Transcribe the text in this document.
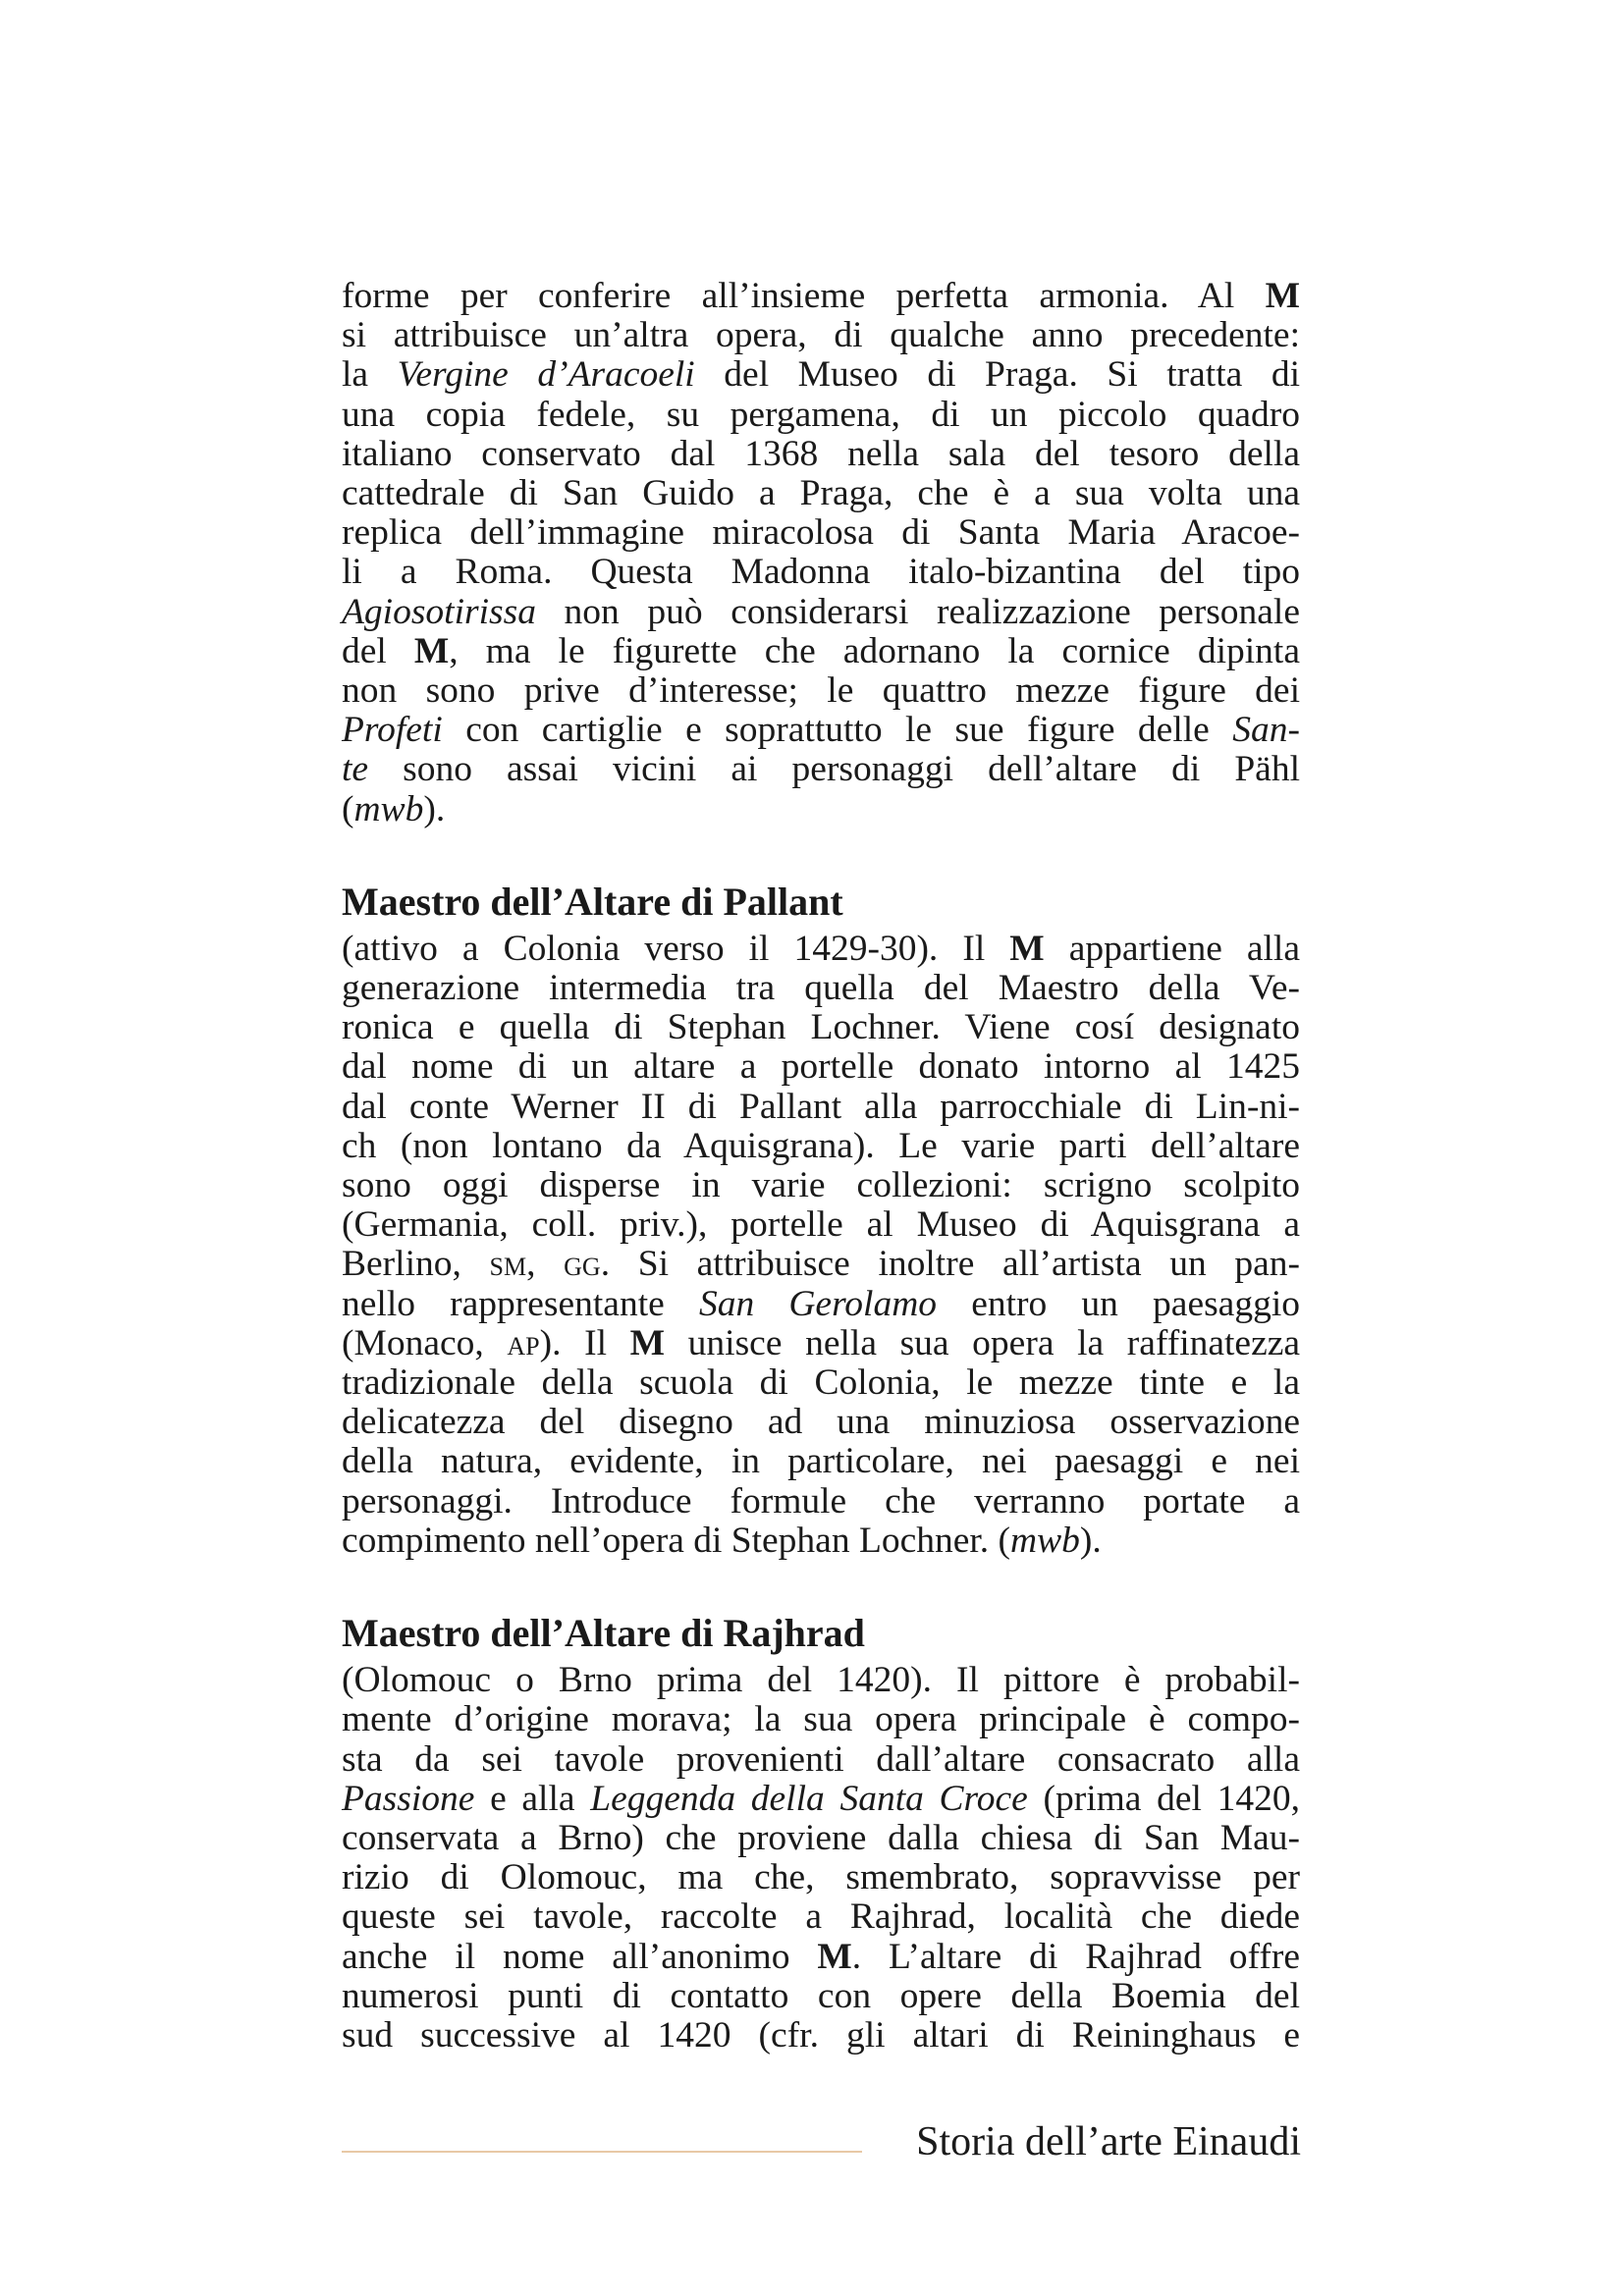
forme per conferire all’insieme perfetta armonia. Al M
si attribuisce un’altra opera, di qualche anno precedente:
la Vergine d’Aracoeli del Museo di Praga. Si tratta di
una copia fedele, su pergamena, di un piccolo quadro
italiano conservato dal 1368 nella sala del tesoro della
cattedrale di San Guido a Praga, che è a sua volta una
replica dell’immagine miracolosa di Santa Maria Aracoe-
li a Roma. Questa Madonna italo-bizantina del tipo
Agiosotirissa non può considerarsi realizzazione personale
del M, ma le figurette che adornano la cornice dipinta
non sono prive d’interesse; le quattro mezze figure dei
Profeti con cartiglie e soprattutto le sue figure delle San-
te sono assai vicini ai personaggi dell’altare di Pähl
(mwb).

Maestro dell’Altare di Pallant

(attivo a Colonia verso il 1429-30). Il M appartiene alla
generazione intermedia tra quella del Maestro della Ve-
ronica e quella di Stephan Lochner. Viene cosí designato
dal nome di un altare a portelle donato intorno al 1425
dal conte Werner II di Pallant alla parrocchiale di Lin-ni-
ch (non lontano da Aquisgrana). Le varie parti dell’altare
sono oggi disperse in varie collezioni: scrigno scolpito
(Germania, coll. priv.), portelle al Museo di Aquisgrana a
Berlino, sm, gg. Si attribuisce inoltre all’artista un pan-
nello rappresentante San Gerolamo entro un paesaggio
(Monaco, ap). Il M unisce nella sua opera la raffinatezza
tradizionale della scuola di Colonia, le mezze tinte e la
delicatezza del disegno ad una minuziosa osservazione
della natura, evidente, in particolare, nei paesaggi e nei
personaggi. Introduce formule che verranno portate a
compimento nell’opera di Stephan Lochner. (mwb).

Maestro dell’Altare di Rajhrad

(Olomouc o Brno prima del 1420). Il pittore è probabil-
mente d’origine morava; la sua opera principale è compo-
sta da sei tavole provenienti dall’altare consacrato alla
Passione e alla Leggenda della Santa Croce (prima del 1420,
conservata a Brno) che proviene dalla chiesa di San Mau-
rizio di Olomouc, ma che, smembrato, sopravvisse per
queste sei tavole, raccolte a Rajhrad, località che diede
anche il nome all’anonimo M. L’altare di Rajhrad offre
numerosi punti di contatto con opere della Boemia del
sud successive al 1420 (cfr. gli altari di Reininghaus e

Storia dell’arte Einaudi
